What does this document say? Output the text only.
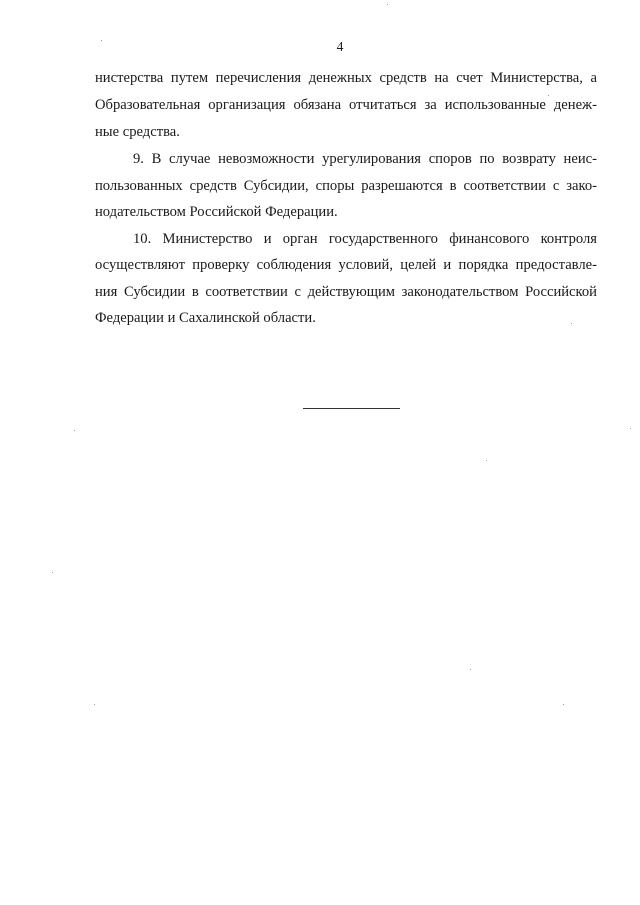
4
нистерства путем перечисления денежных средств на счет Министерства, а
Образовательная организация обязана отчитаться за использованные денеж-
ные средства.
9. В случае невозможности урегулирования споров по возврату неис-
пользованных средств Субсидии, споры разрешаются в соответствии с зако-
нодательством Российской Федерации.
10. Министерство и орган государственного финансового контроля
осуществляют проверку соблюдения условий, целей и порядка предоставле-
ния Субсидии в соответствии с действующим законодательством Российской
Федерации и Сахалинской области.
